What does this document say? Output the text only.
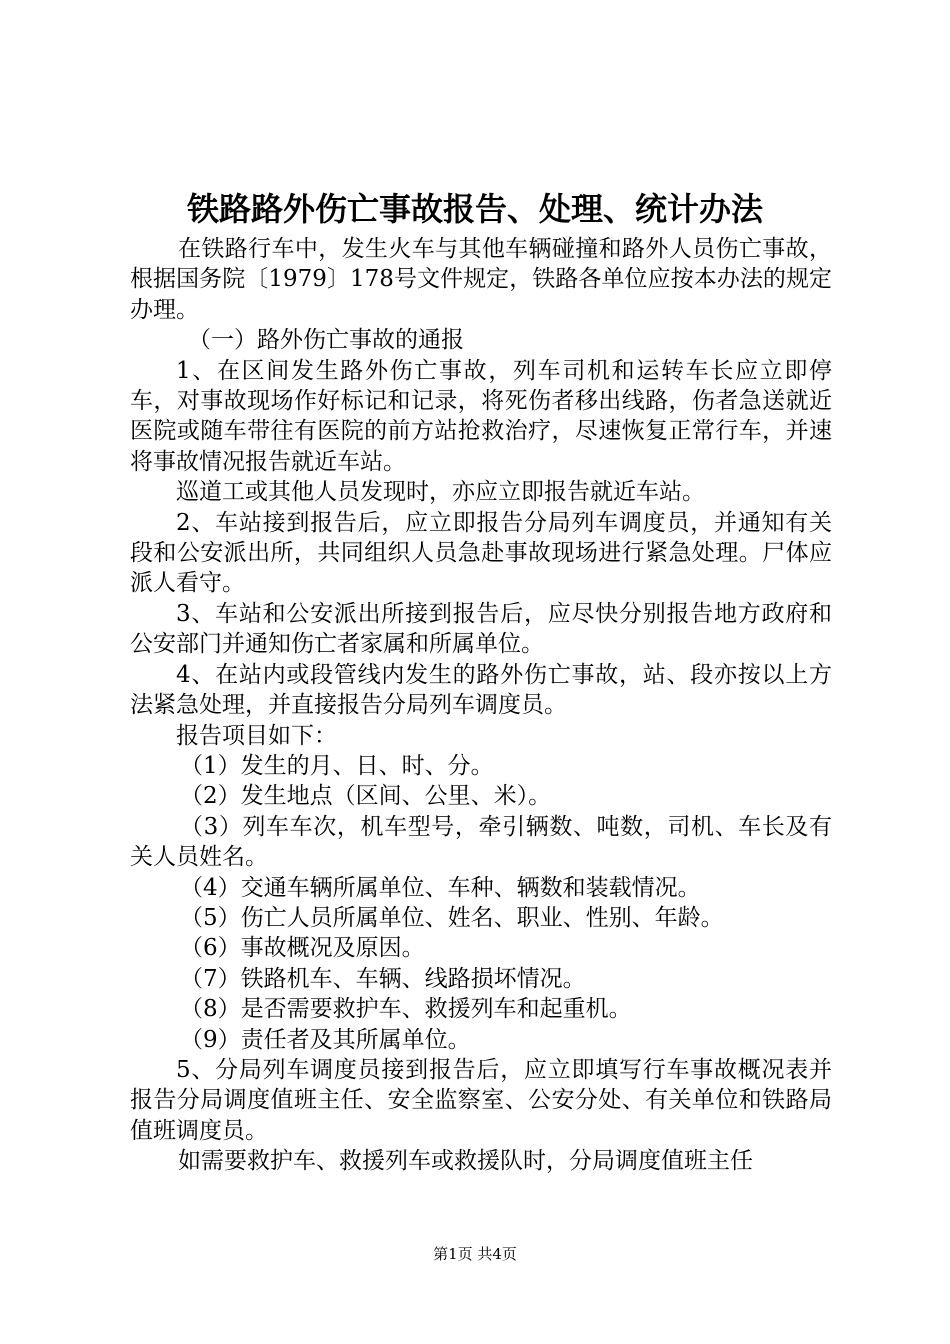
铁路路外伤亡事故报告、处理、统计办法

在铁路行车中，发生火车与其他车辆碰撞和路外人员伤亡事故，根据国务院〔1979〕178号文件规定，铁路各单位应按本办法的规定办理。

（一）路外伤亡事故的通报

1、在区间发生路外伤亡事故，列车司机和运转车长应立即停车，对事故现场作好标记和记录，将死伤者移出线路，伤者急送就近医院或随车带往有医院的前方站抢救治疗，尽速恢复正常行车，并速将事故情况报告就近车站。

巡道工或其他人员发现时，亦应立即报告就近车站。

2、车站接到报告后，应立即报告分局列车调度员，并通知有关段和公安派出所，共同组织人员急赴事故现场进行紧急处理。尸体应派人看守。

3、车站和公安派出所接到报告后，应尽快分别报告地方政府和公安部门并通知伤亡者家属和所属单位。

4、在站内或段管线内发生的路外伤亡事故，站、段亦按以上方法紧急处理，并直接报告分局列车调度员。

报告项目如下：

（1）发生的月、日、时、分。

（2）发生地点（区间、公里、米）。

（3）列车车次，机车型号，牵引辆数、吨数，司机、车长及有关人员姓名。

（4）交通车辆所属单位、车种、辆数和装载情况。

（5）伤亡人员所属单位、姓名、职业、性别、年龄。

（6）事故概况及原因。

（7）铁路机车、车辆、线路损坏情况。

（8）是否需要救护车、救援列车和起重机。

（9）责任者及其所属单位。

5、分局列车调度员接到报告后，应立即填写行车事故概况表并报告分局调度值班主任、安全监察室、公安分处、有关单位和铁路局值班调度员。

如需要救护车、救援列车或救援队时，分局调度值班主任

第1页 共4页
